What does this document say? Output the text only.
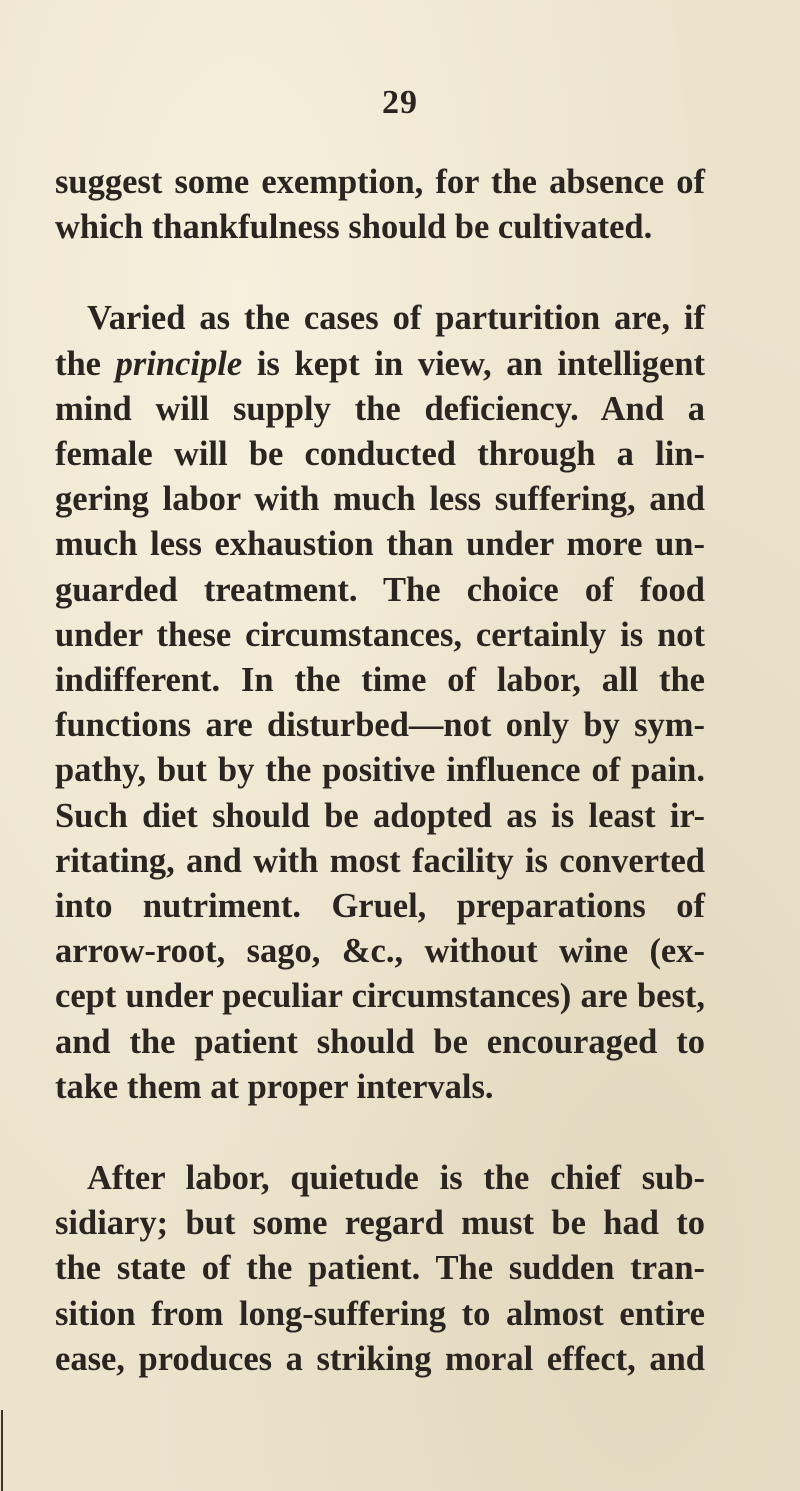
29
suggest some exemption, for the absence of
which thankfulness should be cultivated.
Varied as the cases of parturition are, if
the principle is kept in view, an intelligent
mind will supply the deficiency. And a
female will be conducted through a lin-
gering labor with much less suffering, and
much less exhaustion than under more un-
guarded treatment. The choice of food
under these circumstances, certainly is not
indifferent. In the time of labor, all the
functions are disturbed—not only by sym-
pathy, but by the positive influence of pain.
Such diet should be adopted as is least ir-
ritating, and with most facility is converted
into nutriment. Gruel, preparations of
arrow-root, sago, &c., without wine (ex-
cept under peculiar circumstances) are best,
and the patient should be encouraged to
take them at proper intervals.
After labor, quietude is the chief sub-
sidiary; but some regard must be had to
the state of the patient. The sudden tran-
sition from long-suffering to almost entire
ease, produces a striking moral effect, and
